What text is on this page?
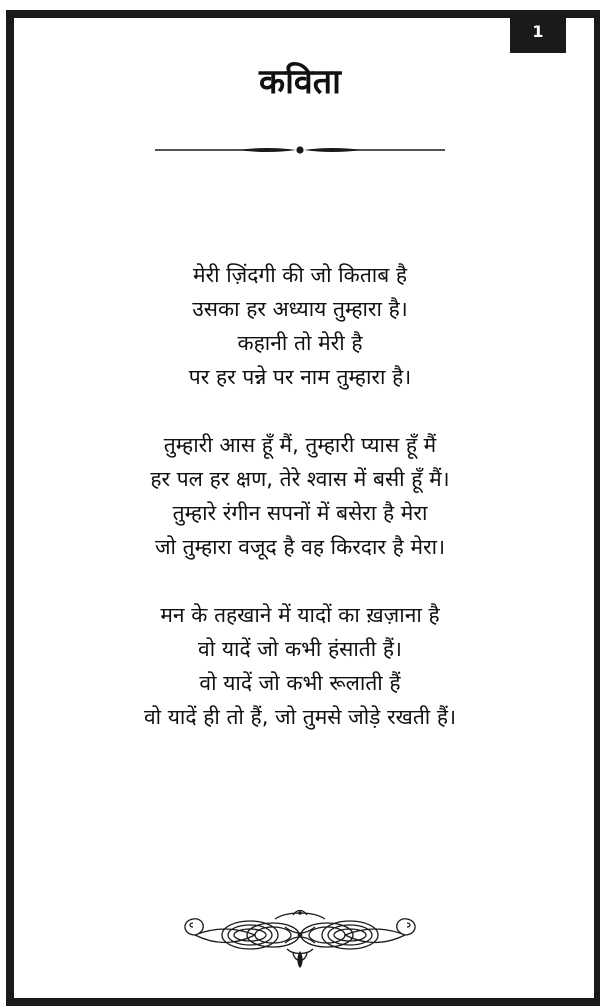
1
कविता
मेरी ज़िंदगी की जो किताब है
उसका हर अध्याय तुम्हारा है।
कहानी तो मेरी है
पर हर पन्ने पर नाम तुम्हारा है।
तुम्हारी आस हूँ मैं, तुम्हारी प्यास हूँ मैं
हर पल हर क्षण, तेरे श्वास में बसी हूँ मैं।
तुम्हारे रंगीन सपनों में बसेरा है मेरा
जो तुम्हारा वजूद है वह किरदार है मेरा।
मन के तहखाने में यादों का ख़ज़ाना है
वो यादें जो कभी हंसाती हैं।
वो यादें जो कभी रूलाती हैं
वो यादें ही तो हैं, जो तुमसे जोड़े रखती हैं।
